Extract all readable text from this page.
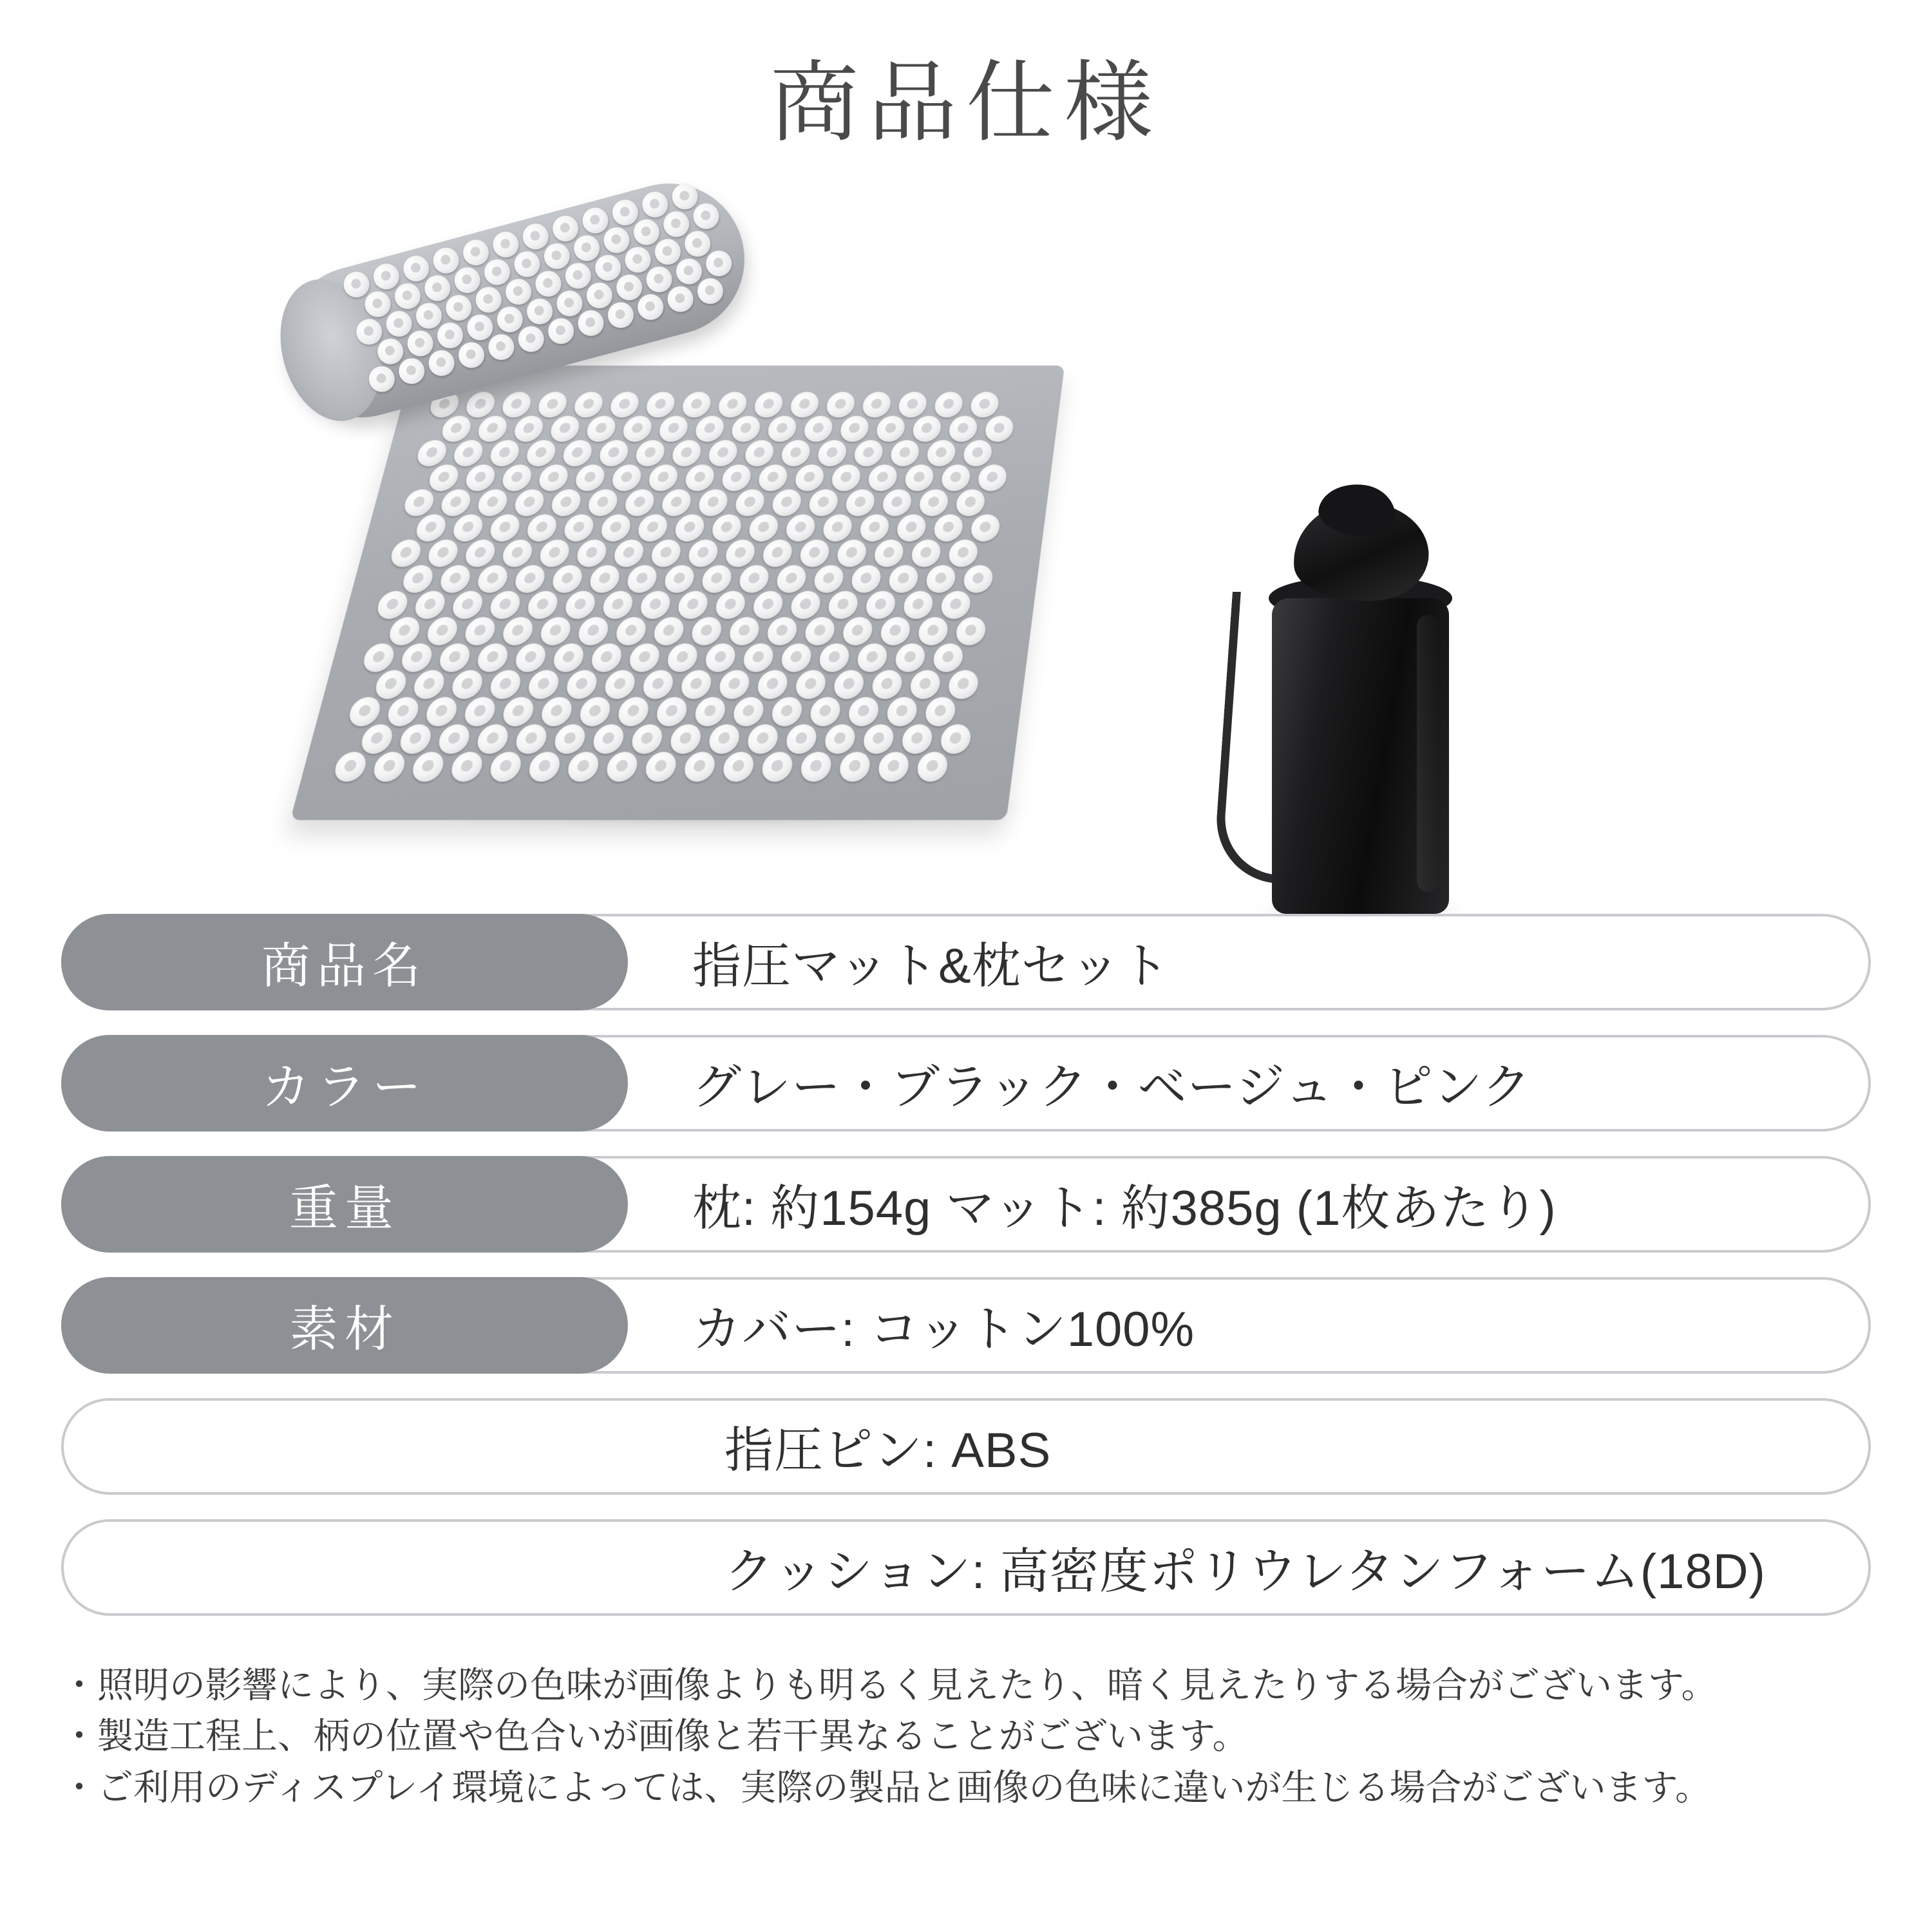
商品仕様
商品名	指圧マット&枕セット
カラー	グレー・ブラック・ベージュ・ピンク
重量	枕: 約154g マット: 約385g (1枚あたり)
素材	カバー: コットン100%
指圧ピン: ABS
クッション: 高密度ポリウレタンフォーム(18D)
・照明の影響により、実際の色味が画像よりも明るく見えたり、暗く見えたりする場合がございます。
・製造工程上、柄の位置や色合いが画像と若干異なることがございます。
・ご利用のディスプレイ環境によっては、実際の製品と画像の色味に違いが生じる場合がございます。
